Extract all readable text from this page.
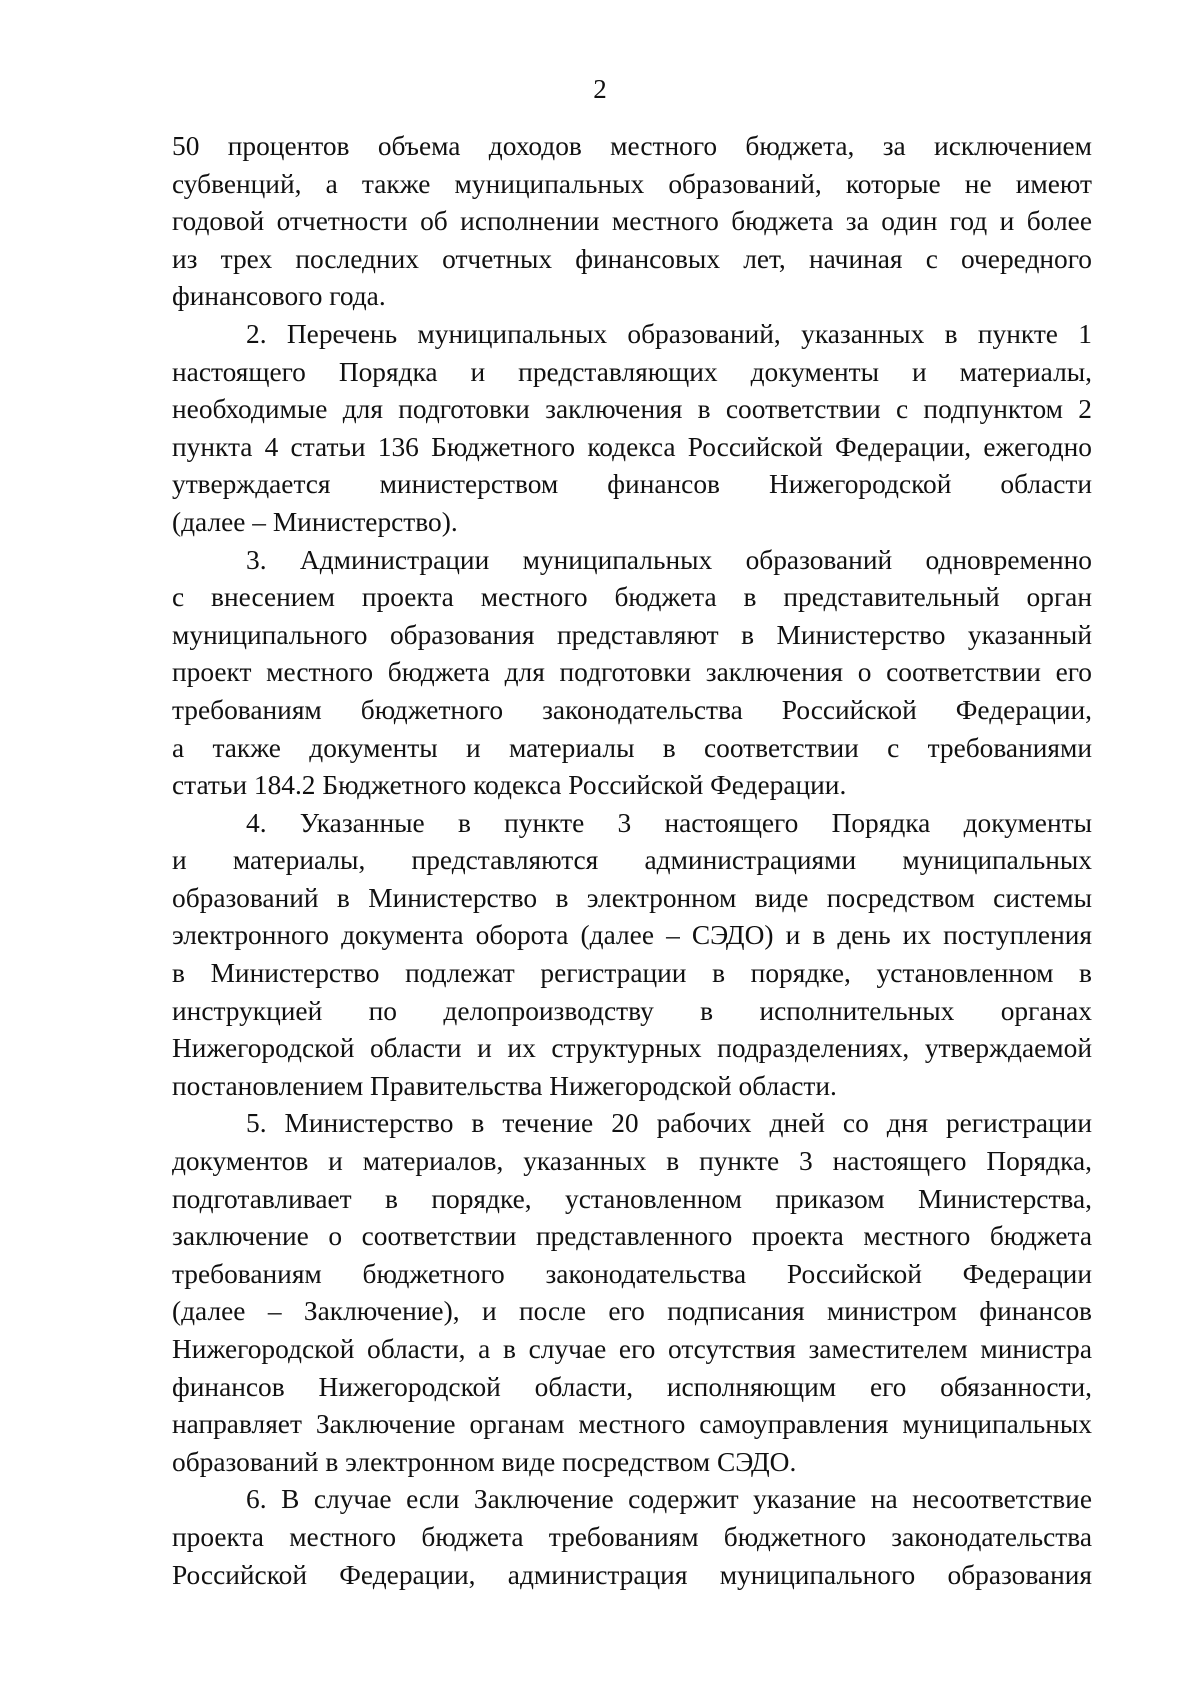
2
50 процентов объема доходов местного бюджета, за исключением
субвенций, а также муниципальных образований, которые не имеют
годовой отчетности об исполнении местного бюджета за один год и более
из трех последних отчетных финансовых лет, начиная с очередного
финансового года.
2. Перечень муниципальных образований, указанных в пункте 1
настоящего Порядка и представляющих документы и материалы,
необходимые для подготовки заключения в соответствии с подпунктом 2
пункта 4 статьи 136 Бюджетного кодекса Российской Федерации, ежегодно
утверждается министерством финансов Нижегородской области
(далее – Министерство).
3. Администрации муниципальных образований одновременно
с внесением проекта местного бюджета в представительный орган
муниципального образования представляют в Министерство указанный
проект местного бюджета для подготовки заключения о соответствии его
требованиям бюджетного законодательства Российской Федерации,
а также документы и материалы в соответствии с требованиями
статьи 184.2 Бюджетного кодекса Российской Федерации.
4. Указанные в пункте 3 настоящего Порядка документы
и материалы, представляются администрациями муниципальных
образований в Министерство в электронном виде посредством системы
электронного документа оборота (далее – СЭДО) и в день их поступления
в Министерство подлежат регистрации в порядке, установленном в
инструкцией по делопроизводству в исполнительных органах
Нижегородской области и их структурных подразделениях, утверждаемой
постановлением Правительства Нижегородской области.
5. Министерство в течение 20 рабочих дней со дня регистрации
документов и материалов, указанных в пункте 3 настоящего Порядка,
подготавливает в порядке, установленном приказом Министерства,
заключение о соответствии представленного проекта местного бюджета
требованиям бюджетного законодательства Российской Федерации
(далее – Заключение), и после его подписания министром финансов
Нижегородской области, а в случае его отсутствия заместителем министра
финансов Нижегородской области, исполняющим его обязанности,
направляет Заключение органам местного самоуправления муниципальных
образований в электронном виде посредством СЭДО.
6. В случае если Заключение содержит указание на несоответствие
проекта местного бюджета требованиям бюджетного законодательства
Российской Федерации, администрация муниципального образования
